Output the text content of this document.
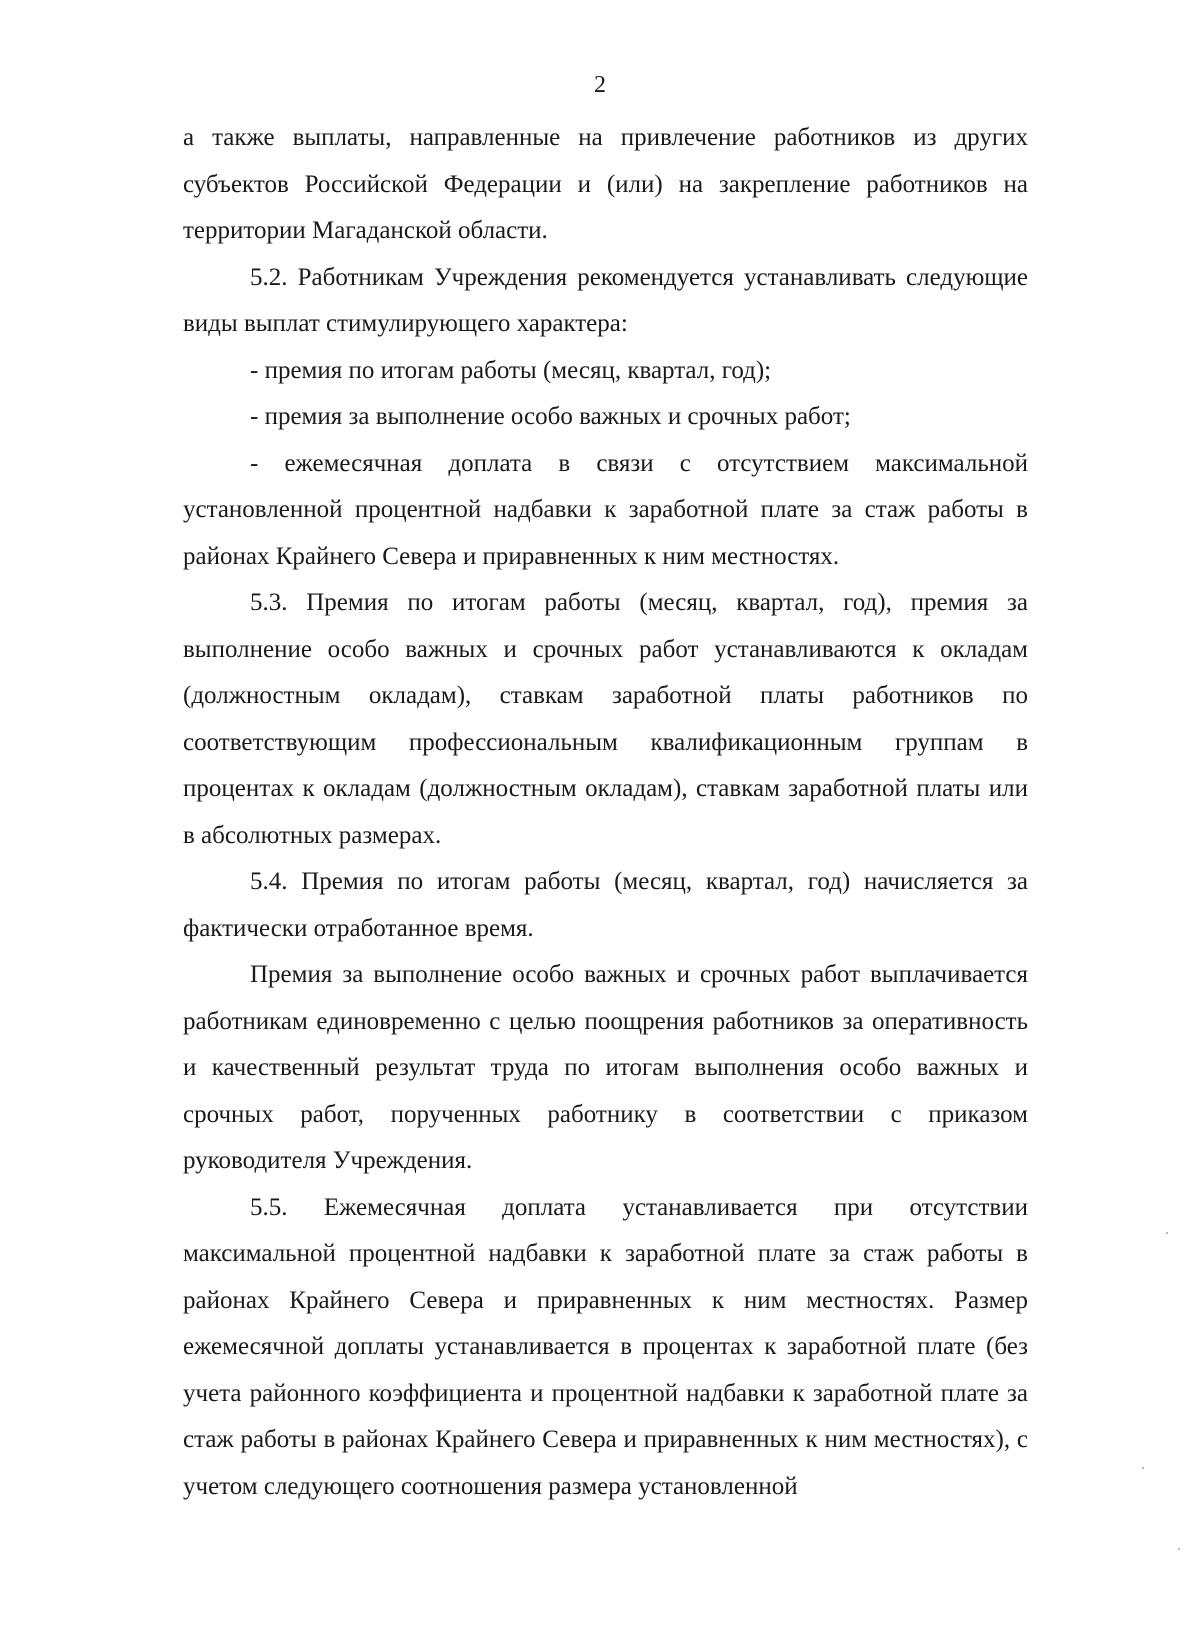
2

а также выплаты, направленные на привлечение работников из других субъектов Российской Федерации и (или) на закрепление работников на территории Магаданской области.

5.2. Работникам Учреждения рекомендуется устанавливать следующие виды выплат стимулирующего характера:

- премия по итогам работы (месяц, квартал, год);

- премия за выполнение особо важных и срочных работ;

- ежемесячная доплата в связи с отсутствием максимальной установленной процентной надбавки к заработной плате за стаж работы в районах Крайнего Севера и приравненных к ним местностях.

5.3. Премия по итогам работы (месяц, квартал, год), премия за выполнение особо важных и срочных работ устанавливаются к окладам (должностным окладам), ставкам заработной платы работников по соответствующим профессиональным квалификационным группам в процентах к окладам (должностным окладам), ставкам заработной платы или в абсолютных размерах.

5.4. Премия по итогам работы (месяц, квартал, год) начисляется за фактически отработанное время.

Премия за выполнение особо важных и срочных работ выплачивается работникам единовременно с целью поощрения работников за оперативность и качественный результат труда по итогам выполнения особо важных и срочных работ, порученных работнику в соответствии с приказом руководителя Учреждения.

5.5. Ежемесячная доплата устанавливается при отсутствии максимальной процентной надбавки к заработной плате за стаж работы в районах Крайнего Севера и приравненных к ним местностях. Размер ежемесячной доплаты устанавливается в процентах к заработной плате (без учета районного коэффициента и процентной надбавки к заработной плате за стаж работы в районах Крайнего Севера и приравненных к ним местностях), с учетом следующего соотношения размера установленной
